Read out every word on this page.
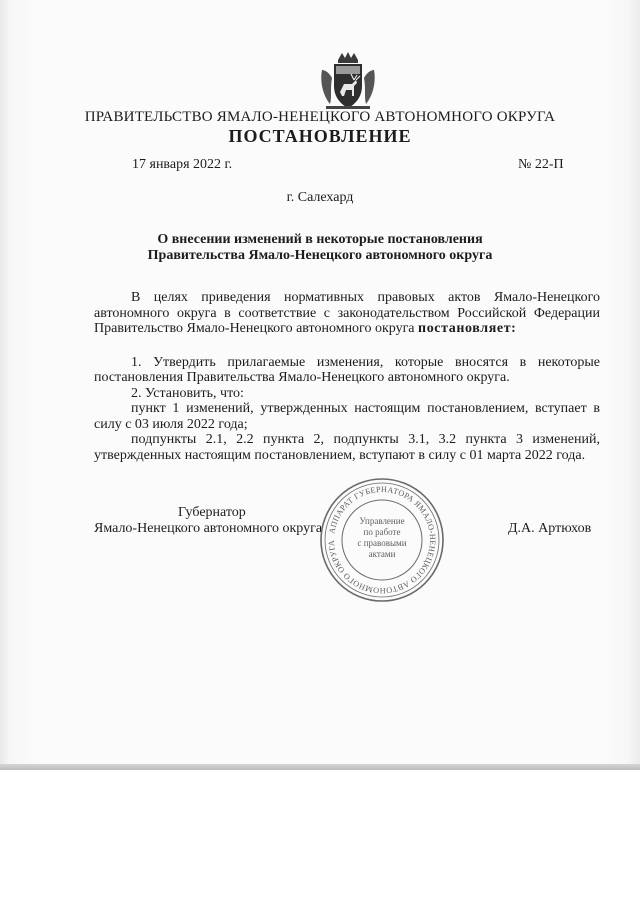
ПРАВИТЕЛЬСТВО ЯМАЛО-НЕНЕЦКОГО АВТОНОМНОГО ОКРУГА
ПОСТАНОВЛЕНИЕ
17 января 2022 г.	№ 22-П
г. Салехард
О внесении изменений в некоторые постановления
Правительства Ямало-Ненецкого автономного округа

В целях приведения нормативных правовых актов Ямало-Ненецкого автономного округа в соответствие с законодательством Российской Федерации Правительство Ямало-Ненецкого автономного округа постановляет:

1. Утвердить прилагаемые изменения, которые вносятся в некоторые постановления Правительства Ямало-Ненецкого автономного округа.

2. Установить, что:

пункт 1 изменений, утвержденных настоящим постановлением, вступает в силу с 03 июля 2022 года;

подпункты 2.1, 2.2 пункта 2, подпункты 3.1, 3.2 пункта 3 изменений, утвержденных настоящим постановлением, вступают в силу с 01 марта 2022 года.

Губернатор
Ямало-Ненецкого автономного округа	Д.А. Артюхов
АППАРАТ ГУБЕРНАТОРА ЯМАЛО-НЕНЕЦКОГО АВТОНОМНОГО ОКРУГА
Управление
по работе
с правовыми
актами
